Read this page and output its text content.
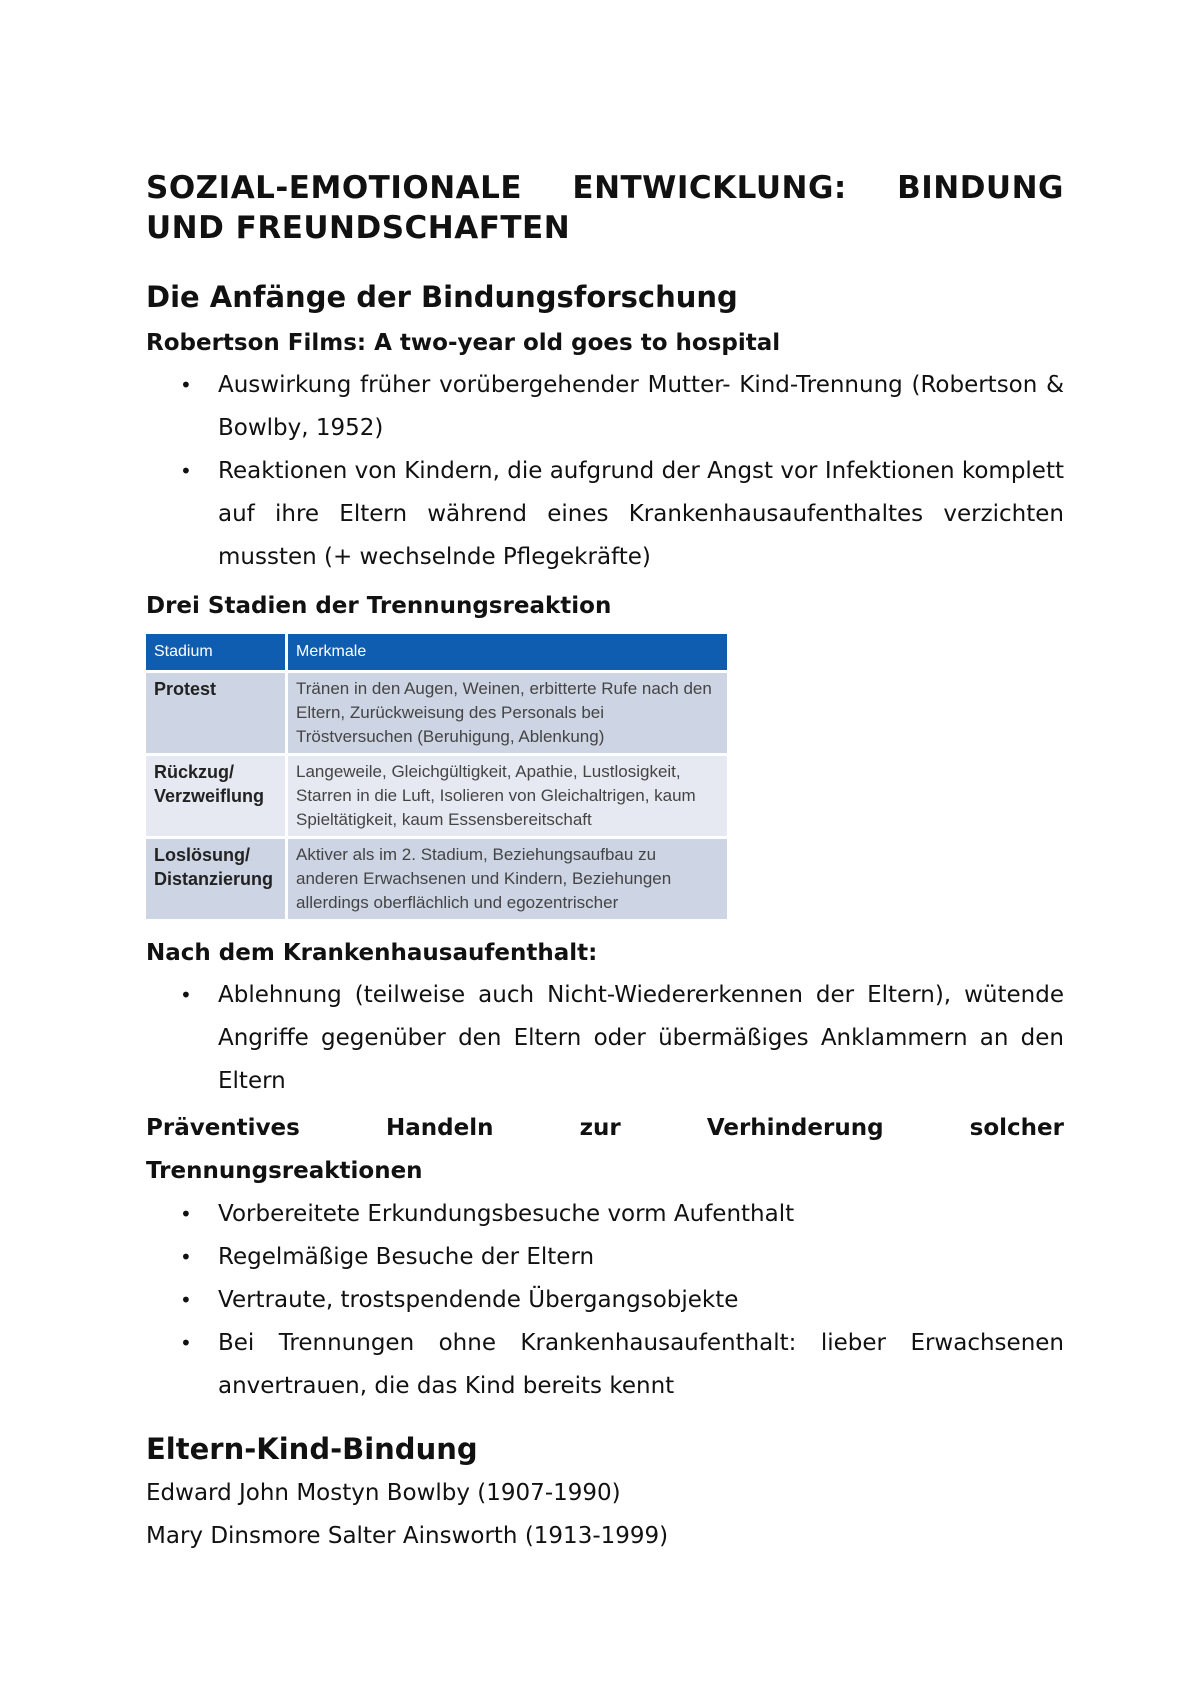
SOZIAL-EMOTIONALE ENTWICKLUNG: BINDUNG
UND FREUNDSCHAFTEN
Die Anfänge der Bindungsforschung
Robertson Films: A two-year old goes to hospital
• Auswirkung früher vorübergehender Mutter- Kind-Trennung (Robertson & Bowlby, 1952)
• Reaktionen von Kindern, die aufgrund der Angst vor Infektionen komplett auf ihre Eltern während eines Krankenhausaufenthaltes verzichten mussten (+ wechselnde Pflegekräfte)
Drei Stadien der Trennungsreaktion
Stadium	Merkmale
Protest	Tränen in den Augen, Weinen, erbitterte Rufe nach den Eltern, Zurückweisung des Personals bei Tröstversuchen (Beruhigung, Ablenkung)
Rückzug/ Verzweiflung	Langeweile, Gleichgültigkeit, Apathie, Lustlosigkeit, Starren in die Luft, Isolieren von Gleichaltrigen, kaum Spieltätigkeit, kaum Essensbereitschaft
Loslösung/ Distanzierung	Aktiver als im 2. Stadium, Beziehungsaufbau zu anderen Erwachsenen und Kindern, Beziehungen allerdings oberflächlich und egozentrischer
Nach dem Krankenhausaufenthalt:
• Ablehnung (teilweise auch Nicht-Wiedererkennen der Eltern), wütende Angriffe gegenüber den Eltern oder übermäßiges Anklammern an den Eltern
Präventives	Handeln	zur	Verhinderung	solcher
Trennungsreaktionen
• Vorbereitete Erkundungsbesuche vorm Aufenthalt
• Regelmäßige Besuche der Eltern
• Vertraute, trostspendende Übergangsobjekte
• Bei Trennungen ohne Krankenhausaufenthalt: lieber Erwachsenen anvertrauen, die das Kind bereits kennt
Eltern-Kind-Bindung

Edward John Mostyn Bowlby (1907-1990)

Mary Dinsmore Salter Ainsworth (1913-1999)
